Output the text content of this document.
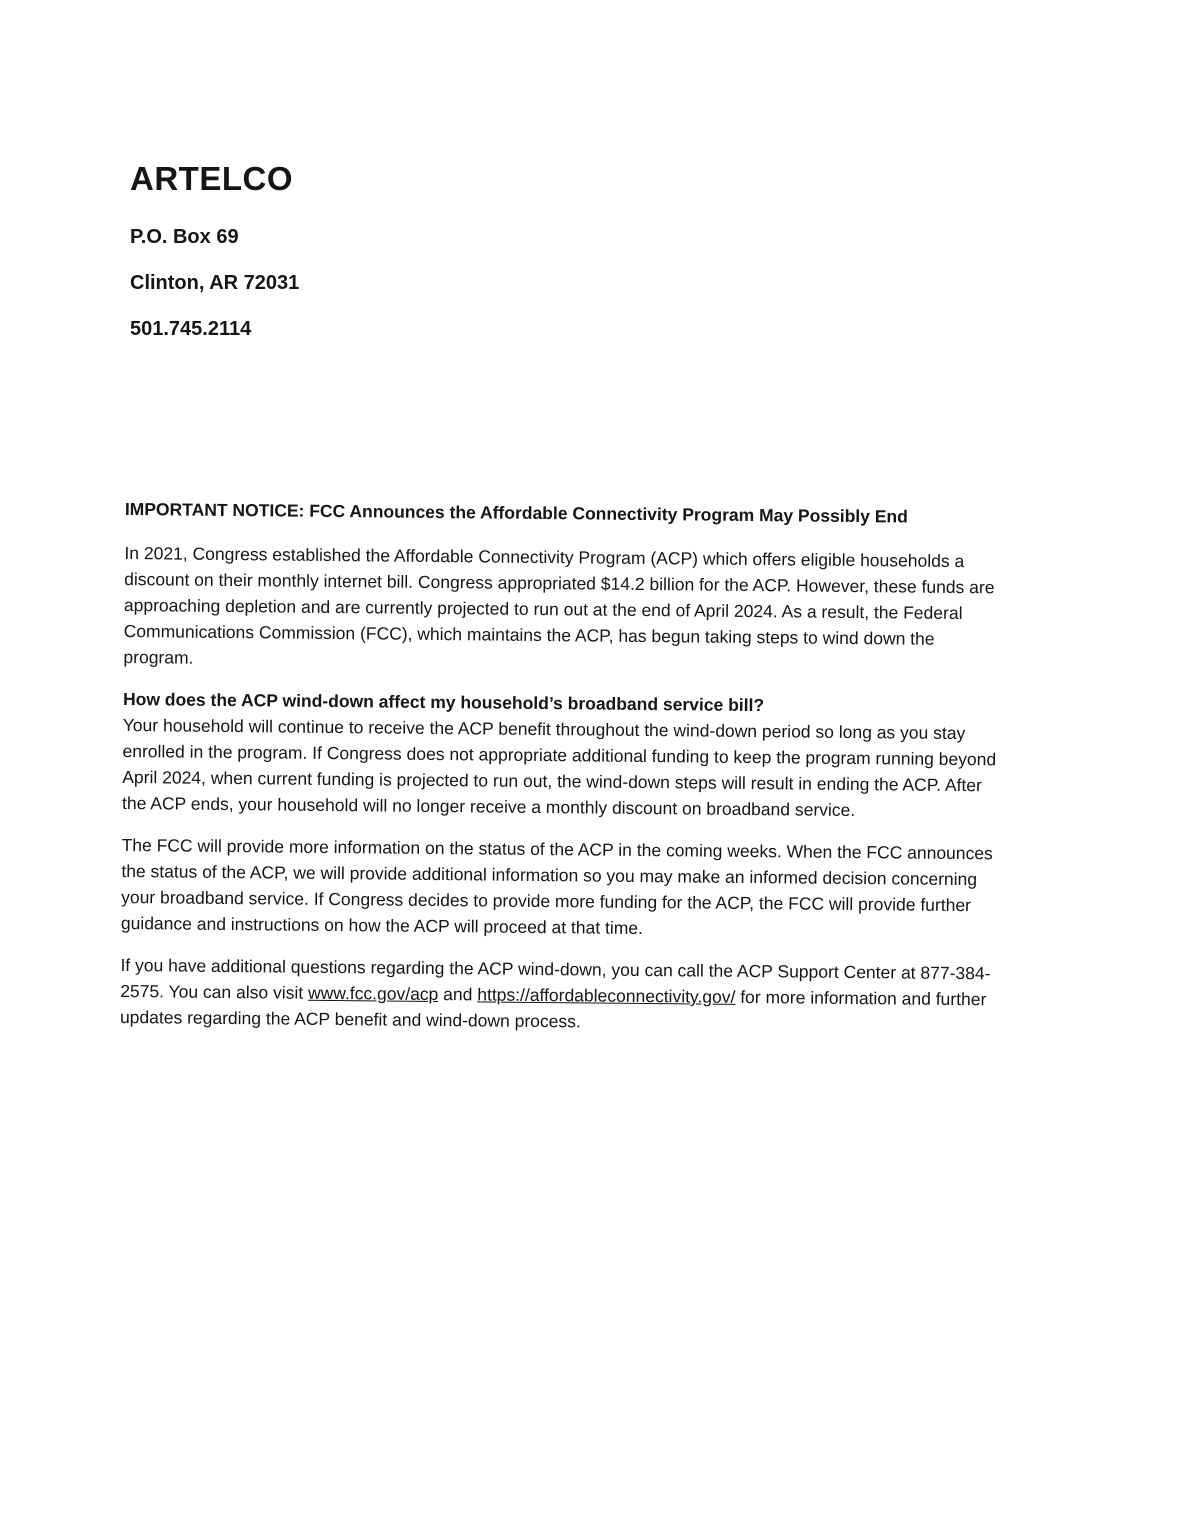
ARTELCO

P.O. Box 69

Clinton, AR 72031

501.745.2114

IMPORTANT NOTICE: FCC Announces the Affordable Connectivity Program May Possibly End

In 2021, Congress established the Affordable Connectivity Program (ACP) which offers eligible households a discount on their monthly internet bill. Congress appropriated $14.2 billion for the ACP. However, these funds are approaching depletion and are currently projected to run out at the end of April 2024. As a result, the Federal Communications Commission (FCC), which maintains the ACP, has begun taking steps to wind down the program.

How does the ACP wind-down affect my household’s broadband service bill?

Your household will continue to receive the ACP benefit throughout the wind-down period so long as you stay enrolled in the program. If Congress does not appropriate additional funding to keep the program running beyond April 2024, when current funding is projected to run out, the wind-down steps will result in ending the ACP. After the ACP ends, your household will no longer receive a monthly discount on broadband service.

The FCC will provide more information on the status of the ACP in the coming weeks. When the FCC announces the status of the ACP, we will provide additional information so you may make an informed decision concerning your broadband service. If Congress decides to provide more funding for the ACP, the FCC will provide further guidance and instructions on how the ACP will proceed at that time.

If you have additional questions regarding the ACP wind-down, you can call the ACP Support Center at 877-384-2575. You can also visit www.fcc.gov/acp and https://affordableconnectivity.gov/ for more information and further updates regarding the ACP benefit and wind-down process.
